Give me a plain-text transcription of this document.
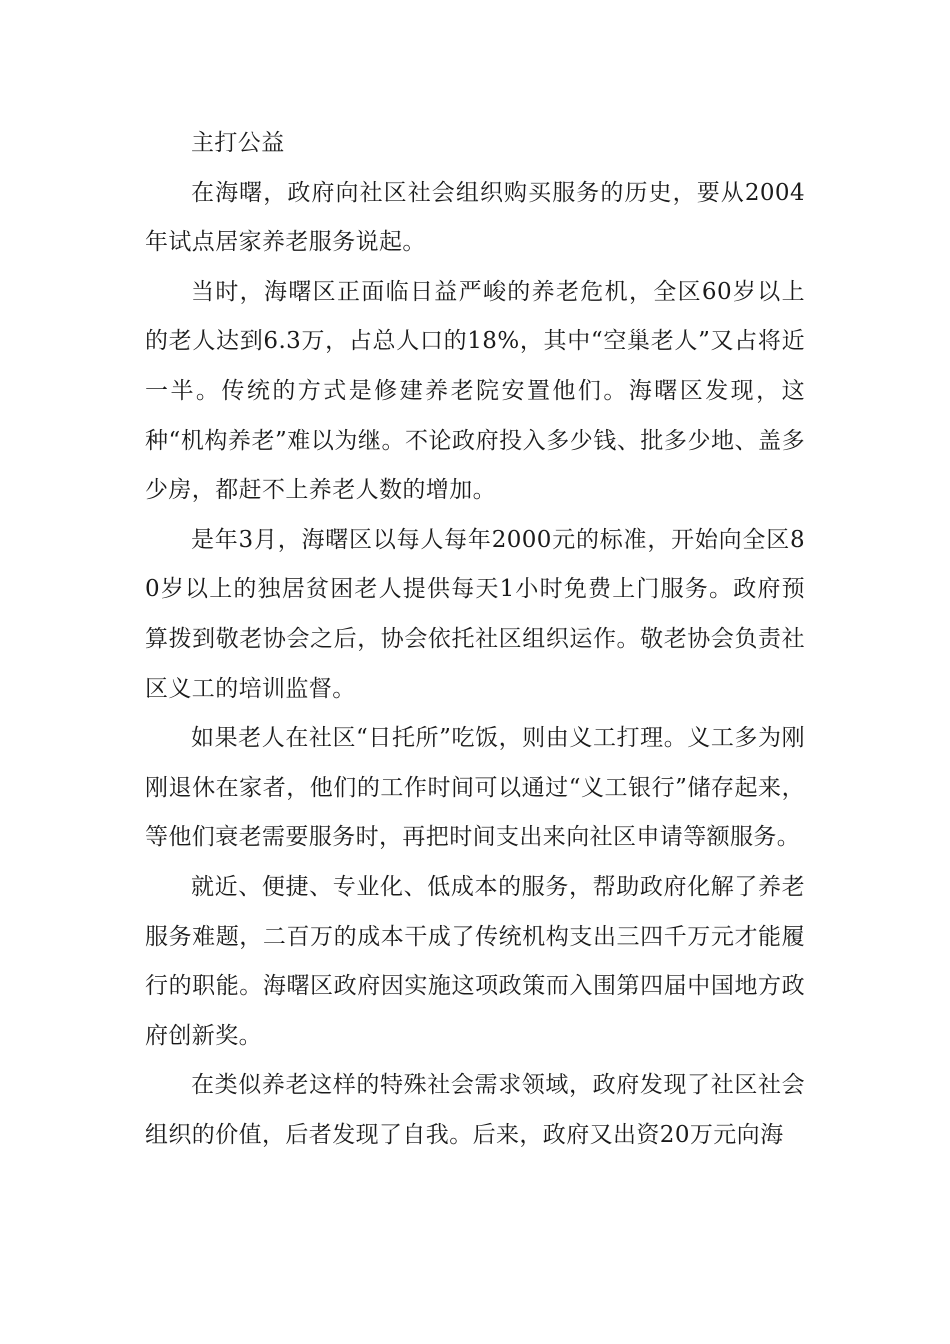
主打公益

在海曙，政府向社区社会组织购买服务的历史，要从2004年试点居家养老服务说起。

当时，海曙区正面临日益严峻的养老危机，全区60岁以上的老人达到6.3万，占总人口的18%，其中“空巢老人”又占将近一半。传统的方式是修建养老院安置他们。海曙区发现，这种“机构养老”难以为继。不论政府投入多少钱、批多少地、盖多少房，都赶不上养老人数的增加。

是年3月，海曙区以每人每年2000元的标准，开始向全区80岁以上的独居贫困老人提供每天1小时免费上门服务。政府预算拨到敬老协会之后，协会依托社区组织运作。敬老协会负责社区义工的培训监督。

如果老人在社区“日托所”吃饭，则由义工打理。义工多为刚刚退休在家者，他们的工作时间可以通过“义工银行”储存起来，等他们衰老需要服务时，再把时间支出来向社区申请等额服务。

就近、便捷、专业化、低成本的服务，帮助政府化解了养老服务难题，二百万的成本干成了传统机构支出三四千万元才能履行的职能。海曙区政府因实施这项政策而入围第四届中国地方政府创新奖。

在类似养老这样的特殊社会需求领域，政府发现了社区社会组织的价值，后者发现了自我。后来，政府又出资20万元向海
